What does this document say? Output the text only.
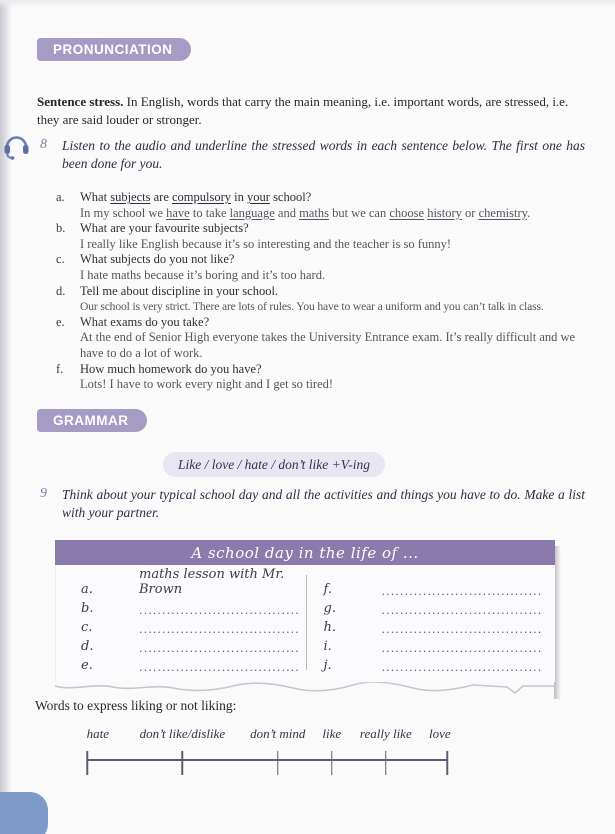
PRONUNCIATION

Sentence stress. In English, words that carry the main meaning, i.e. important words, are stressed, i.e. they are said louder or stronger.

8	Listen to the audio and underline the stressed words in each sentence below. The first one has been done for you.
a.	What subjects are compulsory in your school?
In my school we have to take language and maths but we can choose history or chemistry.
b.	What are your favourite subjects?
I really like English because it’s so interesting and the teacher is so funny!
c.	What subjects do you not like?
I hate maths because it’s boring and it’s too hard.
d.	Tell me about discipline in your school.
Our school is very strict. There are lots of rules. You have to wear a uniform and you can’t talk in class.
e.	What exams do you take?
At the end of Senior High everyone takes the University Entrance exam. It’s really difficult and we have to do a lot of work.
f.	How much homework do you have?
Lots! I have to work every night and I get so tired!
GRAMMAR
Like / love / hate / don’t like +V-ing
9	Think about your typical school day and all the activities and things you have to do. Make a list with your partner.
A school day in the life of ...
a.
maths lesson with Mr. Brown
b.	...................................
c.	...................................
d.	...................................
e.	...................................
f.	...................................
g.	...................................
h.	...................................
i.	...................................
j.	...................................
Words to express liking or not liking:
hate don’t like/dislike don’t mind like really like love
